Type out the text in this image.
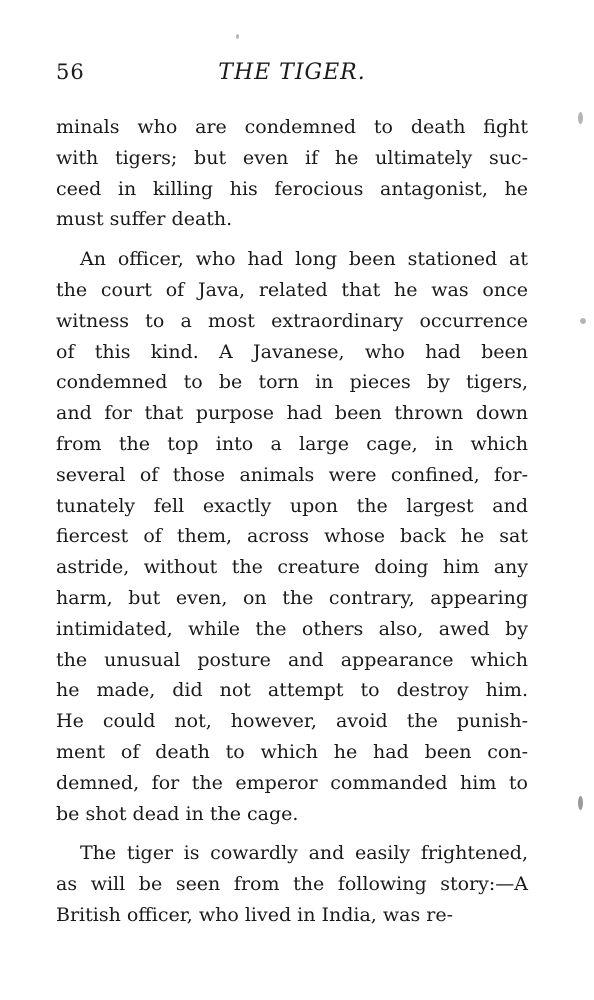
56	THE TIGER.
minals who are condemned to death fight
with tigers; but even if he ultimately suc-
ceed in killing his ferocious antagonist, he
must suffer death.
An officer, who had long been stationed at
the court of Java, related that he was once
witness to a most extraordinary occurrence
of this kind. A Javanese, who had been
condemned to be torn in pieces by tigers,
and for that purpose had been thrown down
from the top into a large cage, in which
several of those animals were confined, for-
tunately fell exactly upon the largest and
fiercest of them, across whose back he sat
astride, without the creature doing him any
harm, but even, on the contrary, appearing
intimidated, while the others also, awed by
the unusual posture and appearance which
he made, did not attempt to destroy him.
He could not, however, avoid the punish-
ment of death to which he had been con-
demned, for the emperor commanded him to
be shot dead in the cage.
The tiger is cowardly and easily frightened,
as will be seen from the following story:—A
British officer, who lived in India, was re-
